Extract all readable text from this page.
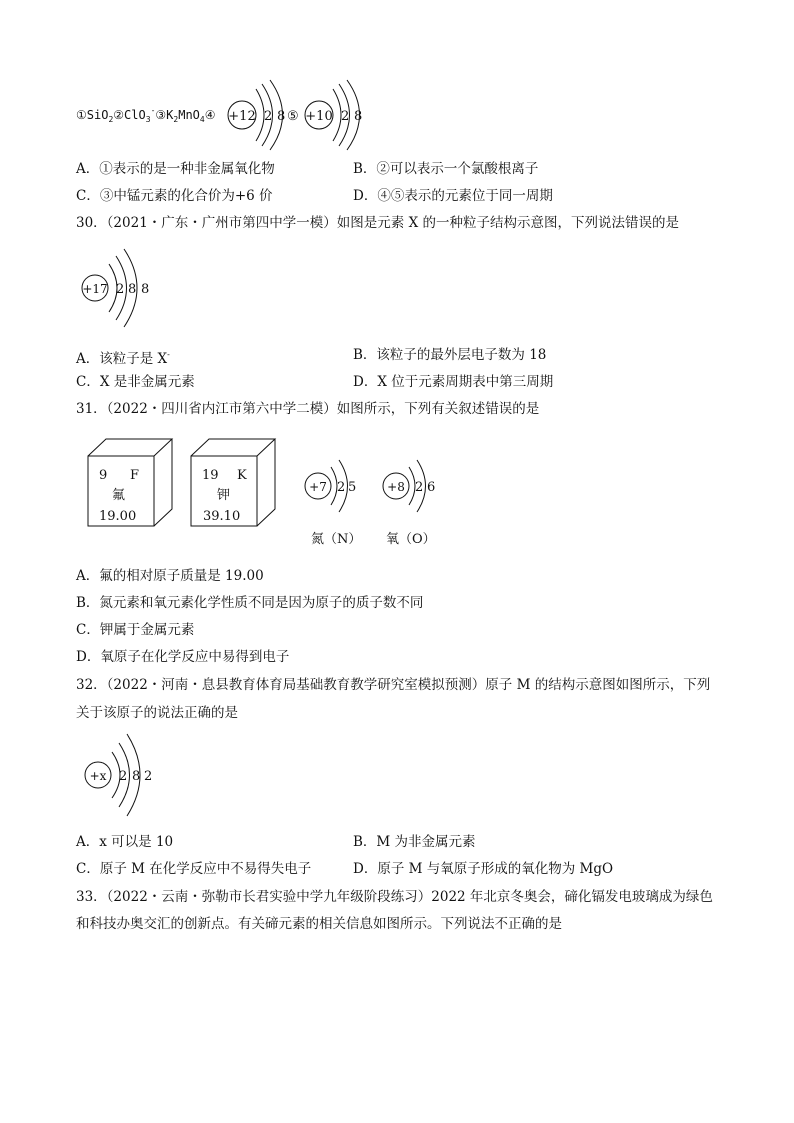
$①SiO_2②ClO_3^-③K_2MnO_4④ +12$ 2 8 ⑤ +10 2 8
A．①表示的是一种非金属氧化物	B．②可以表示一个氯酸根离子
C．③中锰元素的化合价为+6 价	D．④⑤表示的元素位于同一周期
30．（2021・广东・广州市第四中学一模）如图是元素 X 的一种粒子结构示意图，下列说法错误的是
+17 2 8 8
A．该粒子是 X-	B．该粒子的最外层电子数为 18
C．X 是非金属元素	D．X 位于元素周期表中第三周期
31．（2022・四川省内江市第六中学二模）如图所示，下列有关叙述错误的是
9 F
氟
19.00
19 K
钾
39.10
+7 2 5
氮（N）
+8 2 6
氧（O）
A．氟的相对原子质量是 19.00
B．氮元素和氧元素化学性质不同是因为原子的质子数不同
C．钾属于金属元素
D．氧原子在化学反应中易得到电子
32．（2022・河南・息县教育体育局基础教育教学研究室模拟预测）原子 M 的结构示意图如图所示，下列
关于该原子的说法正确的是
+x 2 8 2
A．x 可以是 10	B．M 为非金属元素
C．原子 M 在化学反应中不易得失电子	D．原子 M 与氧原子形成的氧化物为 MgO
33．（2022・云南・弥勒市长君实验中学九年级阶段练习）2022 年北京冬奥会，碲化镉发电玻璃成为绿色
和科技办奥交汇的创新点。有关碲元素的相关信息如图所示。下列说法不正确的是
